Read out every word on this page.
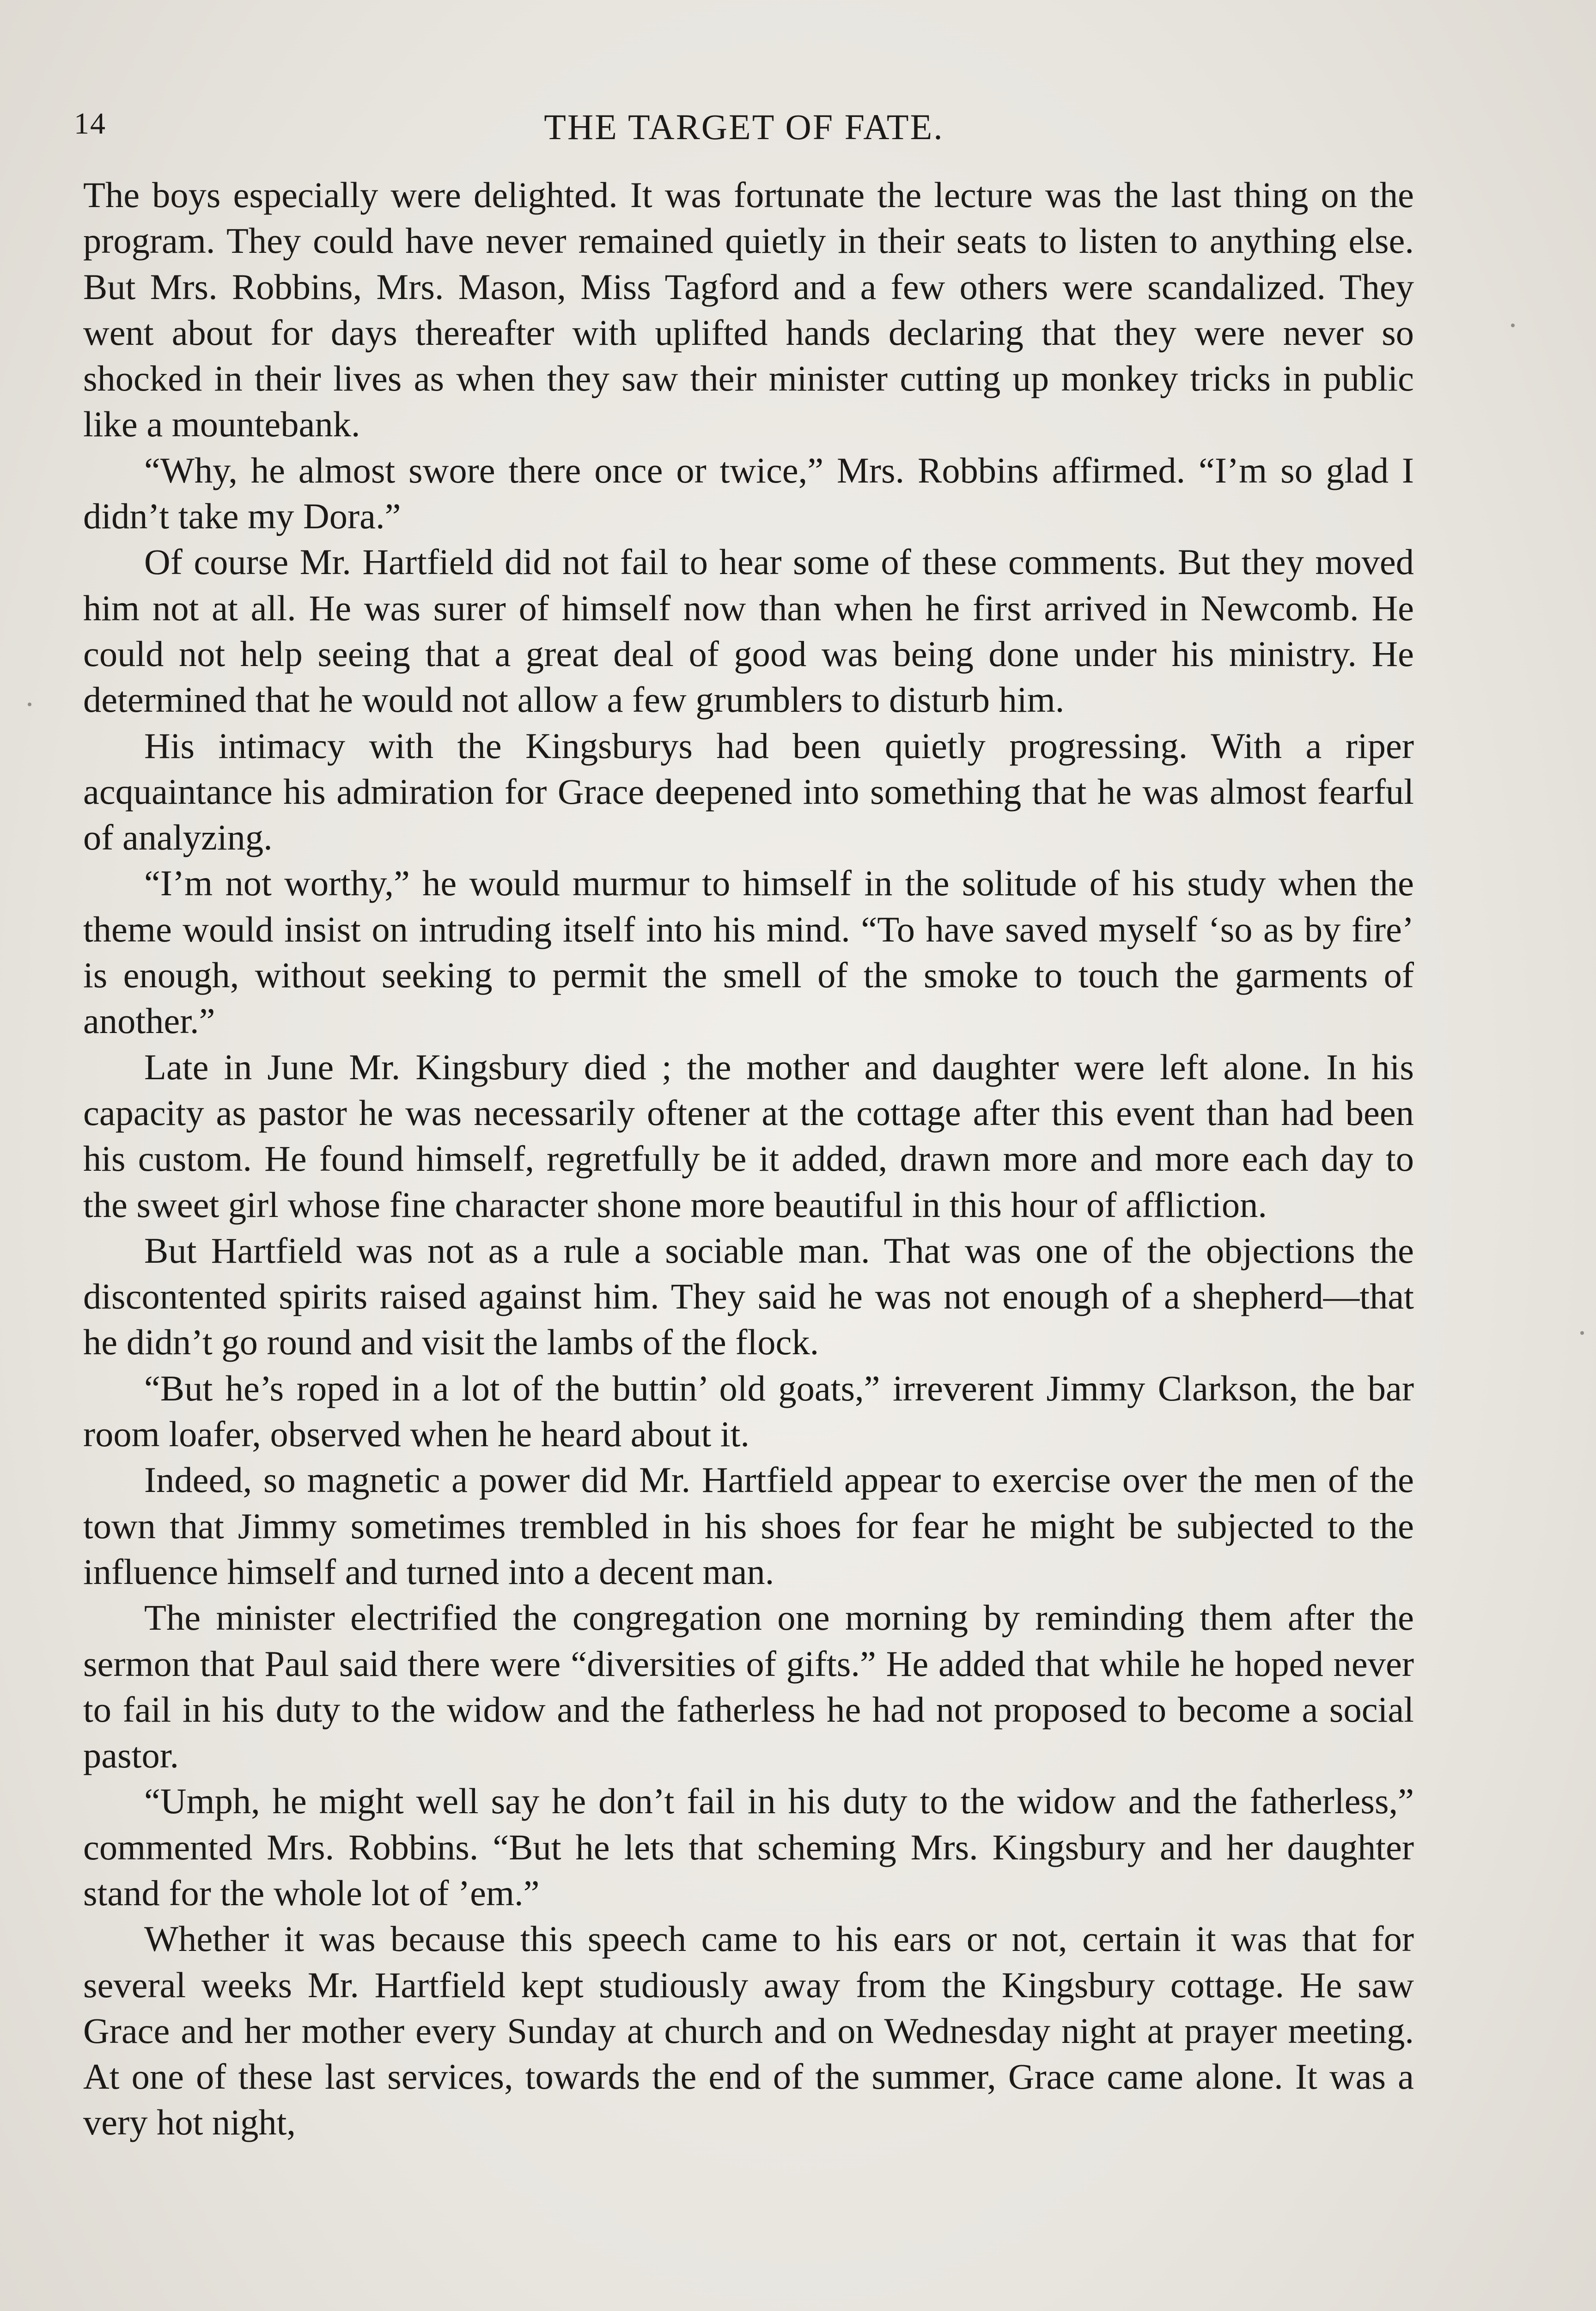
14	THE TARGET OF FATE.

The boys especially were delighted. It was fortunate the lecture was the last thing on the program. They could have never remained quietly in their seats to listen to anything else. But Mrs. Robbins, Mrs. Mason, Miss Tagford and a few others were scandalized. They went about for days thereafter with uplifted hands declaring that they were never so shocked in their lives as when they saw their minister cutting up monkey tricks in public like a mountebank.

“Why, he almost swore there once or twice,” Mrs. Robbins affirmed. “I’m so glad I didn’t take my Dora.”

Of course Mr. Hartfield did not fail to hear some of these comments. But they moved him not at all. He was surer of himself now than when he first arrived in Newcomb. He could not help seeing that a great deal of good was being done under his ministry. He determined that he would not allow a few grumblers to disturb him.

His intimacy with the Kingsburys had been quietly progressing. With a riper acquaintance his admiration for Grace deepened into something that he was almost fearful of analyzing.

“I’m not worthy,” he would murmur to himself in the solitude of his study when the theme would insist on intruding itself into his mind. “To have saved myself ‘so as by fire’ is enough, without seeking to permit the smell of the smoke to touch the garments of another.”

Late in June Mr. Kingsbury died ; the mother and daughter were left alone. In his capacity as pastor he was necessarily oftener at the cottage after this event than had been his custom. He found himself, regretfully be it added, drawn more and more each day to the sweet girl whose fine character shone more beautiful in this hour of affliction.

But Hartfield was not as a rule a sociable man. That was one of the objections the discontented spirits raised against him. They said he was not enough of a shepherd—that he didn’t go round and visit the lambs of the flock.

“But he’s roped in a lot of the buttin’ old goats,” irreverent Jimmy Clarkson, the bar room loafer, observed when he heard about it.

Indeed, so magnetic a power did Mr. Hartfield appear to exercise over the men of the town that Jimmy sometimes trembled in his shoes for fear he might be subjected to the influence himself and turned into a decent man.

The minister electrified the congregation one morning by reminding them after the sermon that Paul said there were “diversities of gifts.” He added that while he hoped never to fail in his duty to the widow and the fatherless he had not proposed to become a social pastor.

“Umph, he might well say he don’t fail in his duty to the widow and the fatherless,” commented Mrs. Robbins. “But he lets that scheming Mrs. Kingsbury and her daughter stand for the whole lot of ’em.”

Whether it was because this speech came to his ears or not, certain it was that for several weeks Mr. Hartfield kept studiously away from the Kingsbury cottage. He saw Grace and her mother every Sunday at church and on Wednesday night at prayer meeting. At one of these last services, towards the end of the summer, Grace came alone. It was a very hot night,
